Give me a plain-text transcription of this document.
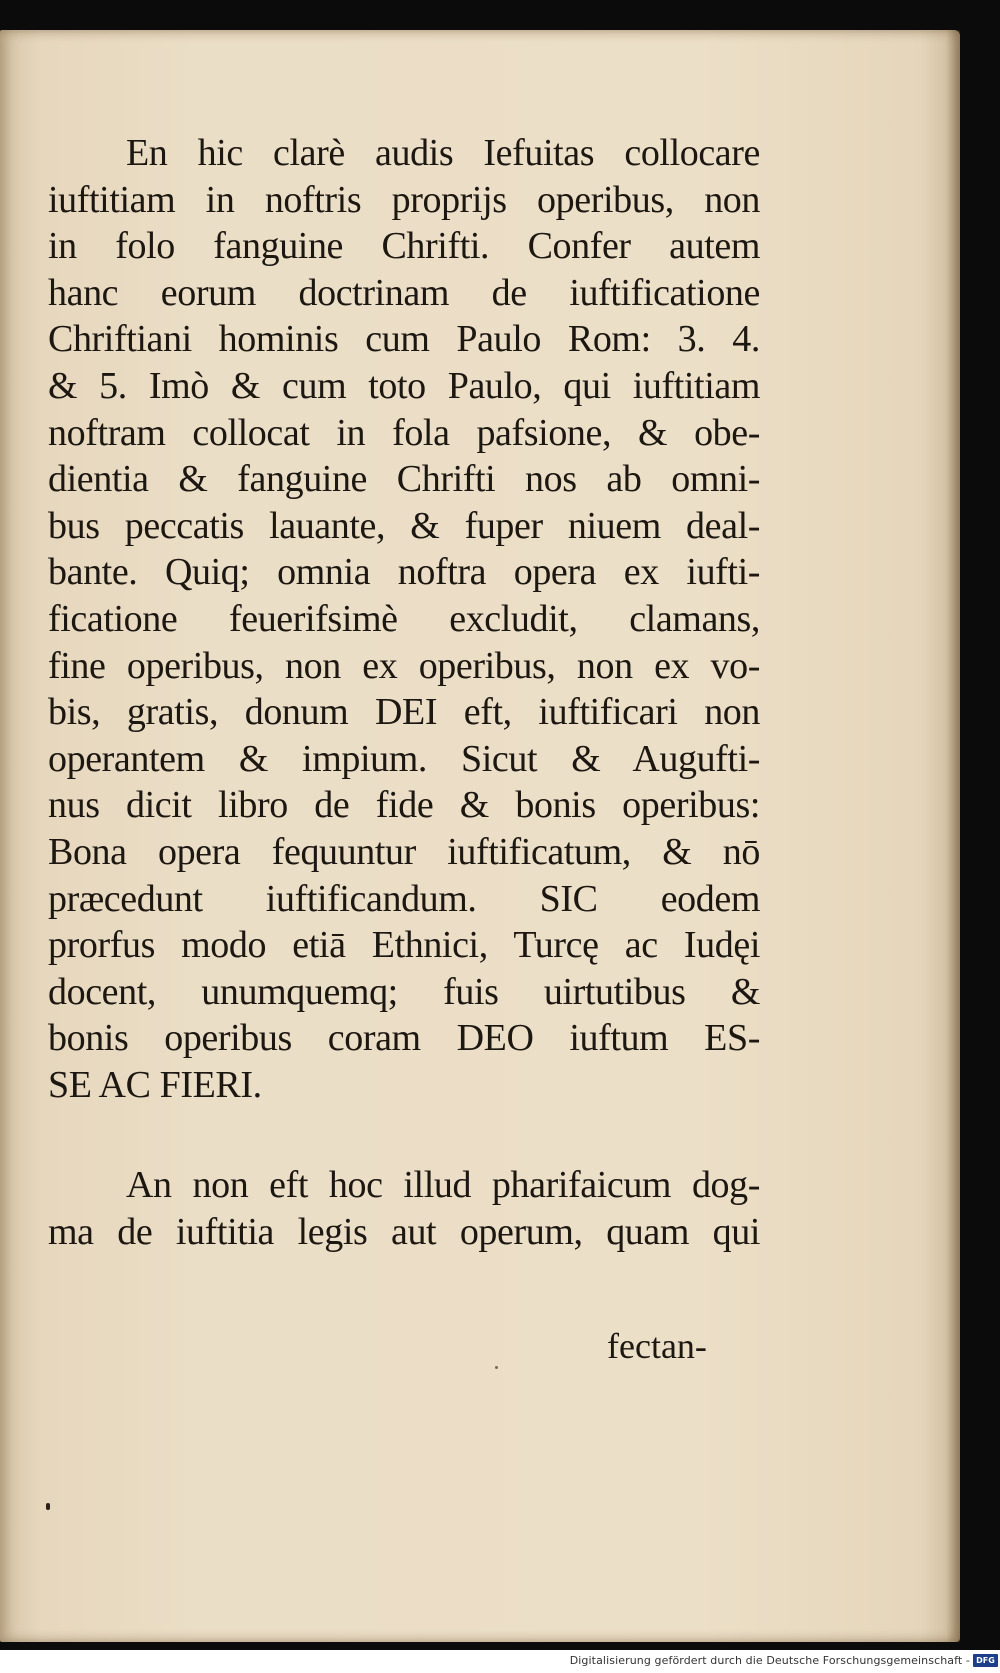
En hic clarè audis Iefuitas collocare
iuftitiam in noftris proprijs operibus, non
in folo fanguine Chrifti. Confer autem
hanc eorum doctrinam de iuftificatione
Chriftiani hominis cum Paulo Rom: 3. 4.
& 5. Imò & cum toto Paulo, qui iuftitiam
noftram collocat in fola pafsione, & obe-
dientia & fanguine Chrifti nos ab omni-
bus peccatis lauante, & fuper niuem deal-
bante. Quiq; omnia noftra opera ex iufti-
ficatione feuerifsimè excludit, clamans,
fine operibus, non ex operibus, non ex vo-
bis, gratis, donum DEI eft, iuftificari non
operantem & impium. Sicut & Augufti-
nus dicit libro de fide & bonis operibus:
Bona opera fequuntur iuftificatum, & nō
præcedunt iuftificandum. SIC eodem
prorfus modo etiā Ethnici, Turcę ac Iudęi
docent, unumquemq; fuis uirtutibus &
bonis operibus coram DEO iuftum ES-
SE AC FIERI.
An non eft hoc illud pharifaicum dog-
ma de iuftitia legis aut operum, quam qui
fectan-
Digitalisierung gefördert durch die Deutsche Forschungsgemeinschaft - DFG
